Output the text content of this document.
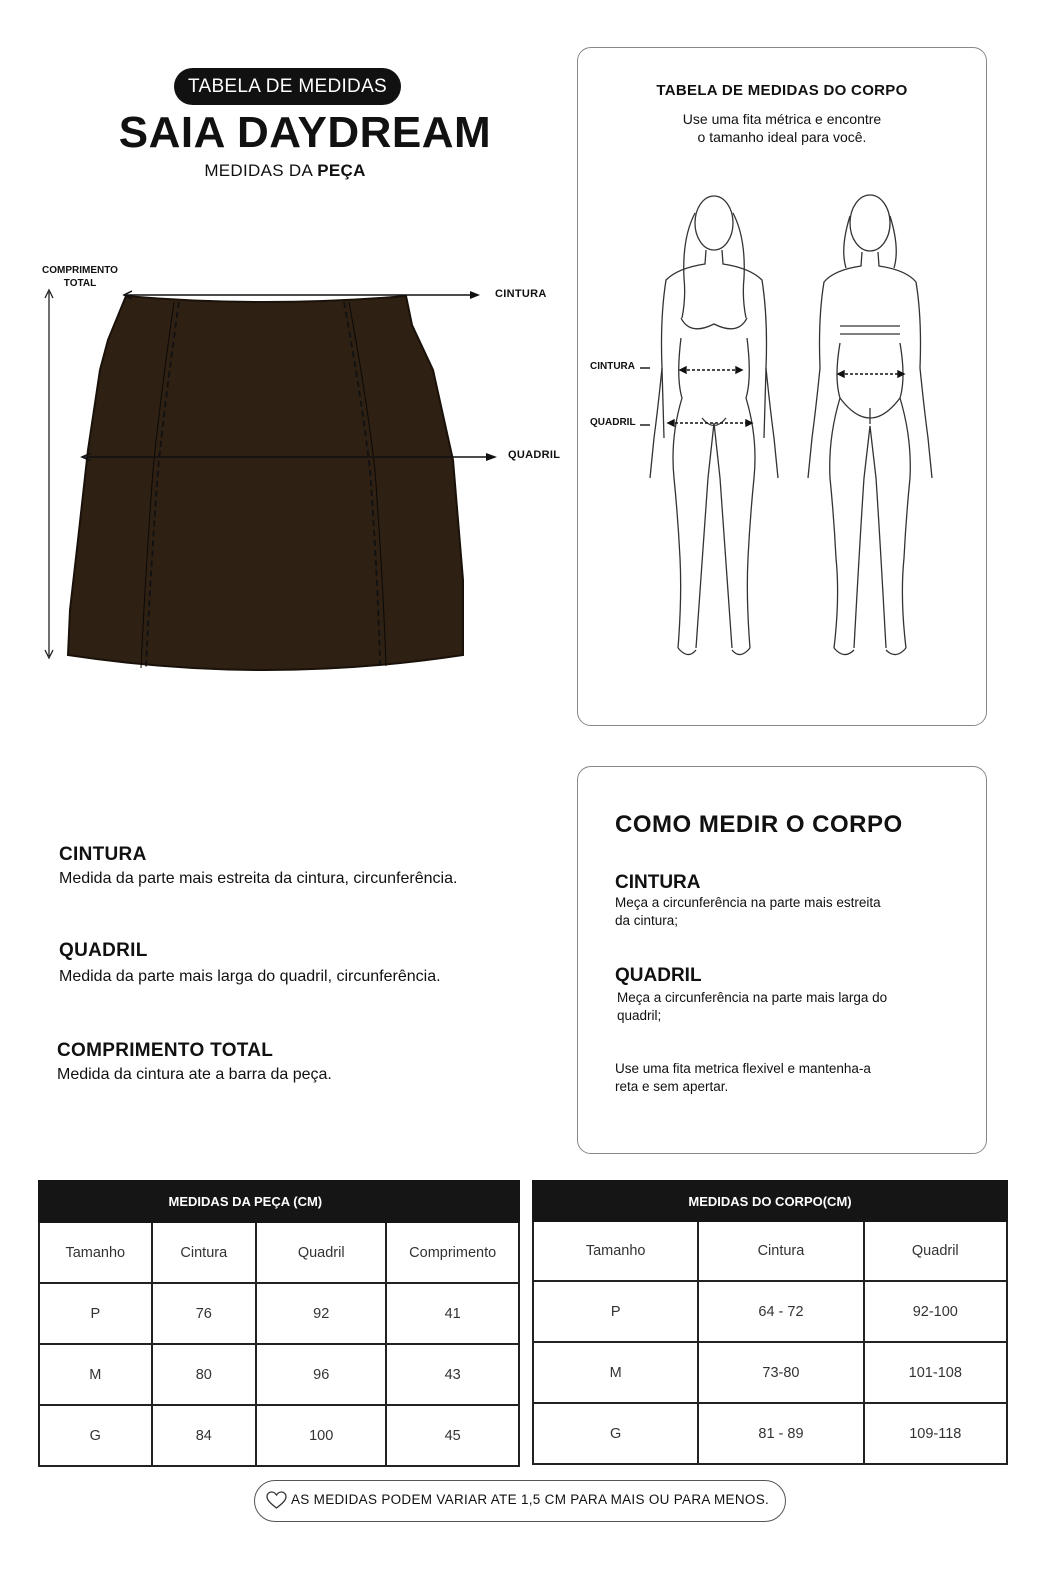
TABELA DE MEDIDAS
SAIA DAYDREAM
MEDIDAS DA PEÇA
COMPRIMENTO TOTAL
CINTURA
QUADRIL
TABELA DE MEDIDAS DO CORPO
Use uma fita métrica e encontre
o tamanho ideal para você.
CINTURA
QUADRIL
CINTURA
Medida da parte mais estreita da cintura, circunferência.
QUADRIL
Medida da parte mais larga do quadril, circunferência.
COMPRIMENTO TOTAL
Medida da cintura ate a barra da peça.
COMO MEDIR O CORPO
CINTURA
Meça a circunferência na parte mais estreita
da cintura;
QUADRIL
Meça a circunferência na parte mais larga do
quadril;
Use uma fita metrica flexivel e mantenha-a
reta e sem apertar.
	MEDIDAS DA PEÇA (CM)		
Tamanho	Cintura	Quadril	Comprimento
P	76	92	41
M	80	96	43
G	84	100	45
MEDIDAS DO CORPO(CM)		
Tamanho	Cintura	Quadril
P	64 - 72	92-100
M	73-80	101-108
G	81 - 89	109-118
AS MEDIDAS PODEM VARIAR ATE 1,5 CM PARA MAIS OU PARA MENOS.
